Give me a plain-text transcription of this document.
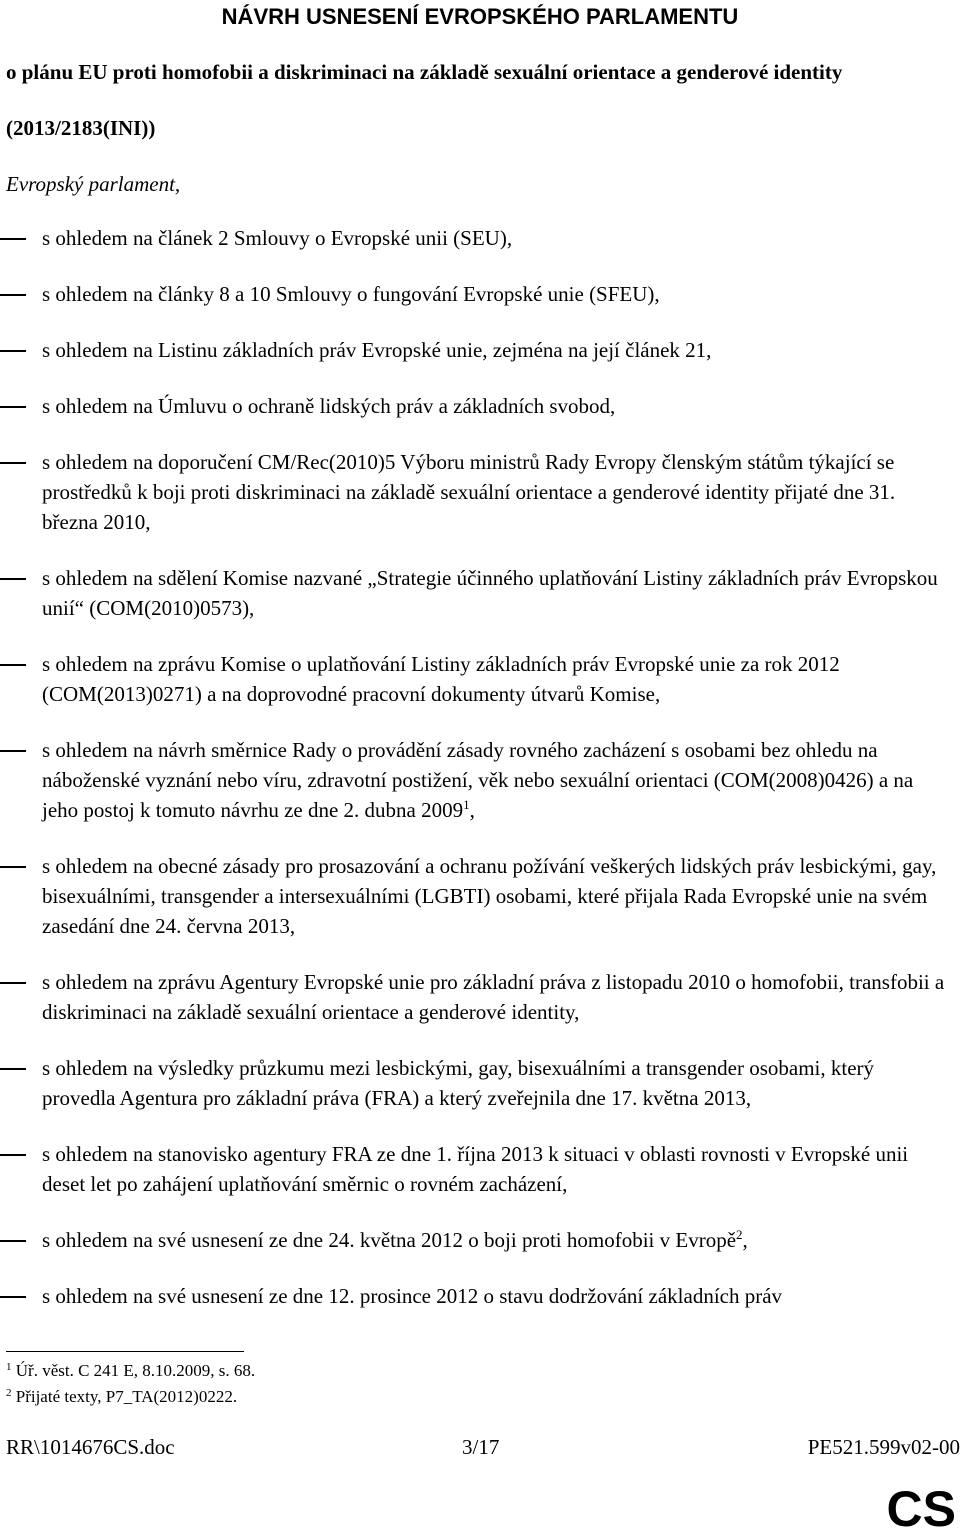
NÁVRH USNESENÍ EVROPSKÉHO PARLAMENTU
o plánu EU proti homofobii a diskriminaci na základě sexuální orientace a genderové identity
(2013/2183(INI))
Evropský parlament,
s ohledem na článek 2 Smlouvy o Evropské unii (SEU),
s ohledem na články 8 a 10 Smlouvy o fungování Evropské unie (SFEU),
s ohledem na Listinu základních práv Evropské unie, zejména na její článek 21,
s ohledem na Úmluvu o ochraně lidských práv a základních svobod,
s ohledem na doporučení CM/Rec(2010)5 Výboru ministrů Rady Evropy členským státům týkající se prostředků k boji proti diskriminaci na základě sexuální orientace a genderové identity přijaté dne 31. března 2010,
s ohledem na sdělení Komise nazvané „Strategie účinného uplatňování Listiny základních práv Evropskou unií“ (COM(2010)0573),
s ohledem na zprávu Komise o uplatňování Listiny základních práv Evropské unie za rok 2012 (COM(2013)0271) a na doprovodné pracovní dokumenty útvarů Komise,
s ohledem na návrh směrnice Rady o provádění zásady rovného zacházení s osobami bez ohledu na náboženské vyznání nebo víru, zdravotní postižení, věk nebo sexuální orientaci (COM(2008)0426) a na jeho postoj k tomuto návrhu ze dne 2. dubna 2009$^1$,
s ohledem na obecné zásady pro prosazování a ochranu požívání veškerých lidských práv lesbickými, gay, bisexuálními, transgender a intersexuálními (LGBTI) osobami, které přijala Rada Evropské unie na svém zasedání dne 24. června 2013,
s ohledem na zprávu Agentury Evropské unie pro základní práva z listopadu 2010 o homofobii, transfobii a diskriminaci na základě sexuální orientace a genderové identity,
s ohledem na výsledky průzkumu mezi lesbickými, gay, bisexuálními a transgender osobami, který provedla Agentura pro základní práva (FRA) a který zveřejnila dne 17. května 2013,
s ohledem na stanovisko agentury FRA ze dne 1. října 2013 k situaci v oblasti rovnosti v Evropské unii deset let po zahájení uplatňování směrnic o rovném zacházení,
s ohledem na své usnesení ze dne 24. května 2012 o boji proti homofobii v Evropě$^2$,
s ohledem na své usnesení ze dne 12. prosince 2012 o stavu dodržování základních práv
$^1$ Úř. věst. C 241 E, 8.10.2009, s. 68.
$^2$ Přijaté texty, P7_TA(2012)0222.
RR\1014676CS.doc	3/17	PE521.599v02-00
CS
